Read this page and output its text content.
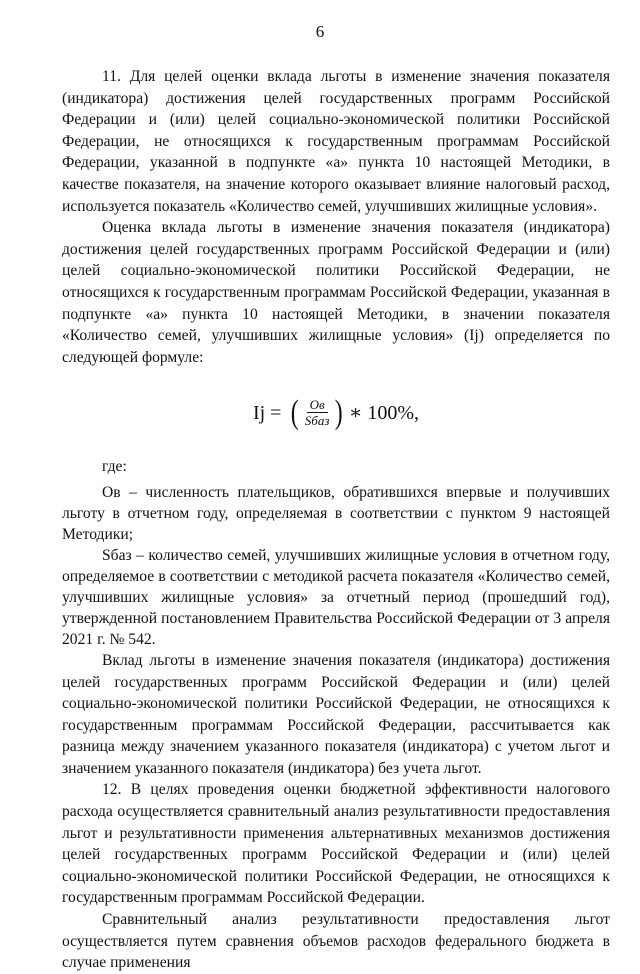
6

11. Для целей оценки вклада льготы в изменение значения показателя (индикатора) достижения целей государственных программ Российской Федерации и (или) целей социально-экономической политики Российской Федерации, не относящихся к государственным программам Российской Федерации, указанной в подпункте «а» пункта 10 настоящей Методики, в качестве показателя, на значение которого оказывает влияние налоговый расход, используется показатель «Количество семей, улучшивших жилищные условия».

Оценка вклада льготы в изменение значения показателя (индикатора) достижения целей государственных программ Российской Федерации и (или) целей социально-экономической политики Российской Федерации, не относящихся к государственным программам Российской Федерации, указанная в подпункте «а» пункта 10 настоящей Методики, в значении показателя «Количество семей, улучшивших жилищные условия» (Ij) определяется по следующей формуле:

Ij = ( $\frac{Ов}{\text{Sбаз}}$ ) ∗ 100%,

где:

Ов – численность плательщиков, обратившихся впервые и получивших льготу в отчетном году, определяемая в соответствии с пунктом 9 настоящей Методики;

Sбаз – количество семей, улучшивших жилищные условия в отчетном году, определяемое в соответствии с методикой расчета показателя «Количество семей, улучшивших жилищные условия» за отчетный период (прошедший год), утвержденной постановлением Правительства Российской Федерации от 3 апреля 2021 г. № 542.

Вклад льготы в изменение значения показателя (индикатора) достижения целей государственных программ Российской Федерации и (или) целей социально-экономической политики Российской Федерации, не относящихся к государственным программам Российской Федерации, рассчитывается как разница между значением указанного показателя (индикатора) с учетом льгот и значением указанного показателя (индикатора) без учета льгот.

12. В целях проведения оценки бюджетной эффективности налогового расхода осуществляется сравнительный анализ результативности предоставления льгот и результативности применения альтернативных механизмов достижения целей государственных программ Российской Федерации и (или) целей социально-экономической политики Российской Федерации, не относящихся к государственным программам Российской Федерации.

Сравнительный анализ результативности предоставления льгот осуществляется путем сравнения объемов расходов федерального бюджета в случае применения
